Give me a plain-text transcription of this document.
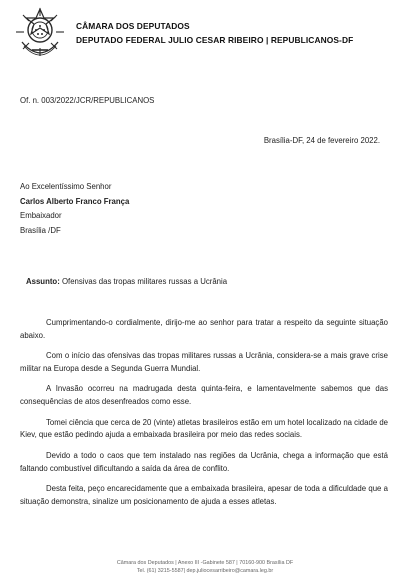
CÂMARA DOS DEPUTADOS
DEPUTADO FEDERAL JULIO CESAR RIBEIRO | REPUBLICANOS-DF
Of. n. 003/2022/JCR/REPUBLICANOS
Brasília-DF, 24 de fevereiro 2022.
Ao Excelentíssimo Senhor
Carlos Alberto Franco França
Embaixador
Brasília /DF
Assunto: Ofensivas das tropas militares russas a Ucrânia

Cumprimentando-o cordialmente, dirijo-me ao senhor para tratar a respeito da seguinte situação abaixo.

Com o início das ofensivas das tropas militares russas a Ucrânia, considera-se a mais grave crise militar na Europa desde a Segunda Guerra Mundial.

A Invasão ocorreu na madrugada desta quinta-feira, e lamentavelmente sabemos que das consequências de atos desenfreados como esse.

Tomei ciência que cerca de 20 (vinte) atletas brasileiros estão em um hotel localizado na cidade de Kiev, que estão pedindo ajuda a embaixada brasileira por meio das redes sociais.

Devido a todo o caos que tem instalado nas regiões da Ucrânia, chega a informação que está faltando combustível dificultando a saída da área de conflito.

Desta feita, peço encarecidamente que a embaixada brasileira, apesar de toda a dificuldade que a situação demonstra, sinalize um posicionamento de ajuda a esses atletas.

Câmara dos Deputados | Anexo III -Gabinete 587 | 70160-900 Brasília DF
Tel. (61) 3215-5587| dep.juliocesarribeiro@camara.leg.br
